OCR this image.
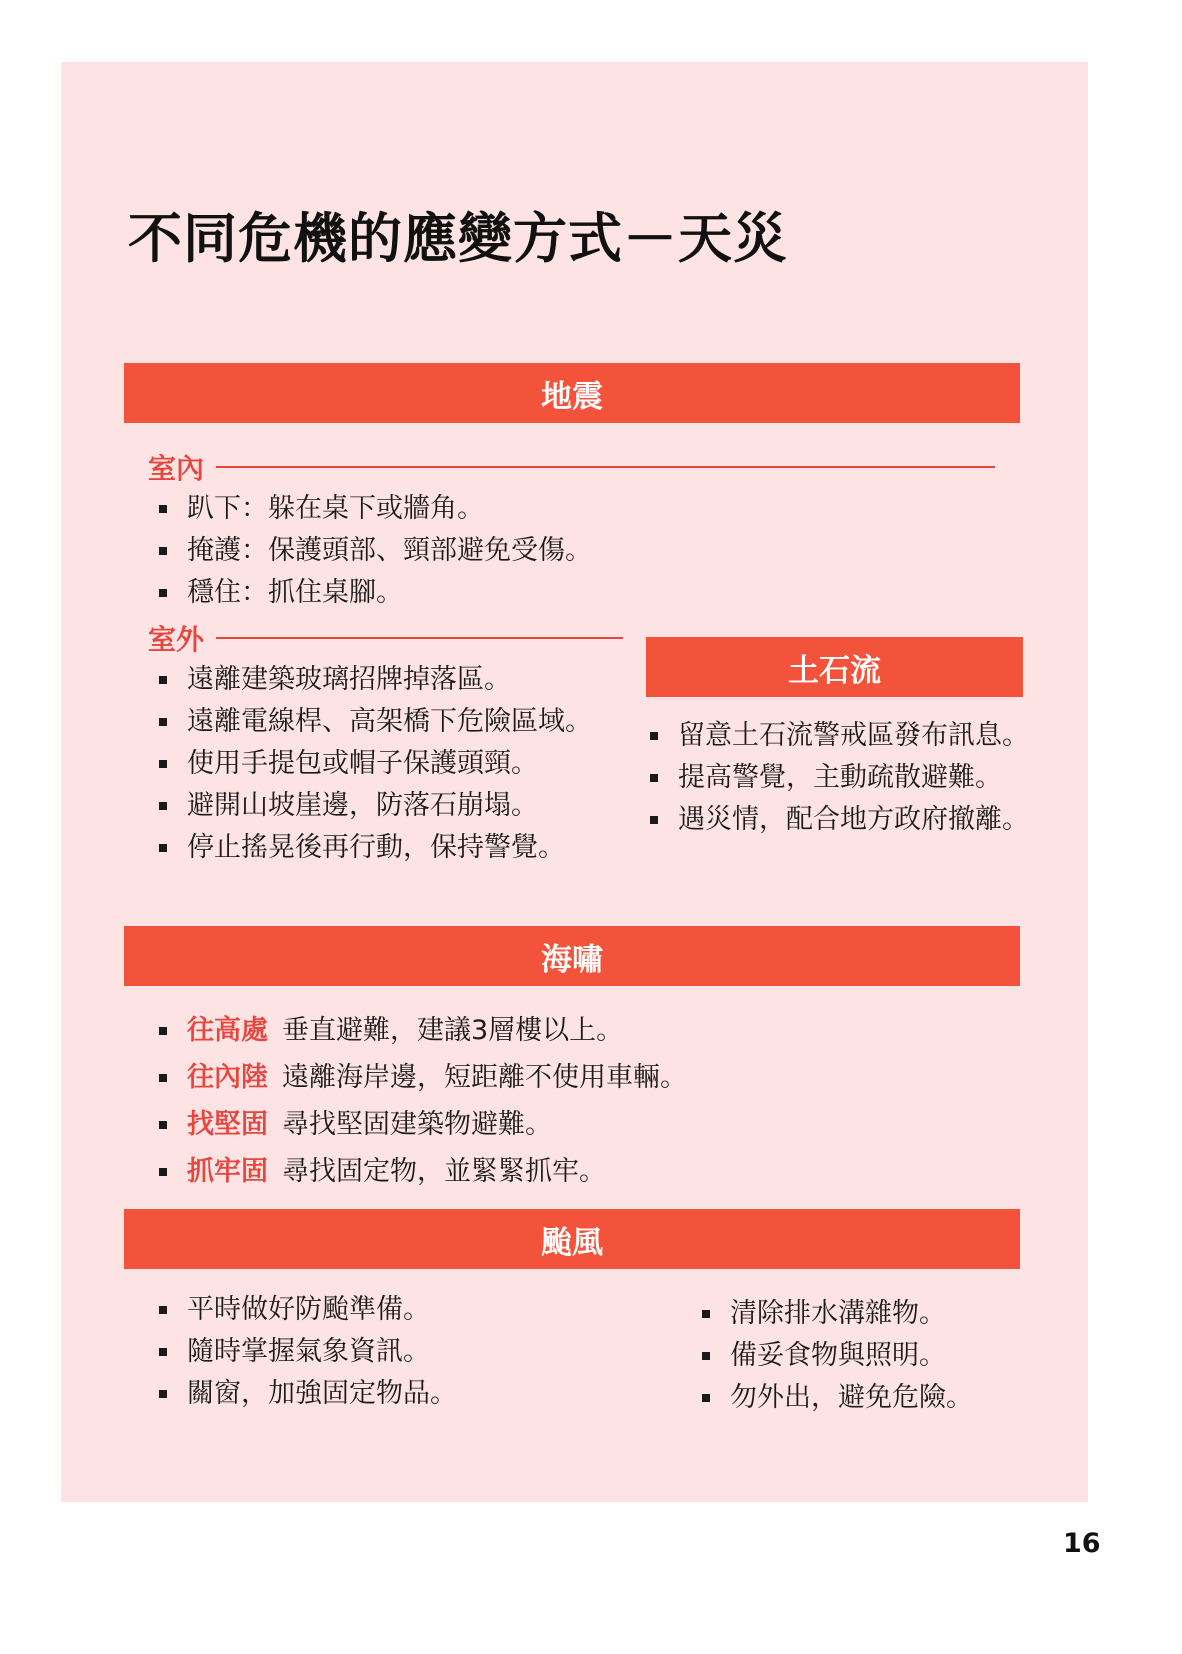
不同危機的應變方式－天災
地震
室內
趴下：躲在桌下或牆角。
掩護：保護頭部、頸部避免受傷。
穩住：抓住桌腳。
室外
遠離建築玻璃招牌掉落區。
遠離電線桿、高架橋下危險區域。
使用手提包或帽子保護頭頸。
避開山坡崖邊，防落石崩塌。
停止搖晃後再行動，保持警覺。
土石流
留意土石流警戒區發布訊息。
提高警覺，主動疏散避難。
遇災情，配合地方政府撤離。
海嘯
往高處 垂直避難，建議3層樓以上。
往內陸 遠離海岸邊，短距離不使用車輛。
找堅固 尋找堅固建築物避難。
抓牢固 尋找固定物，並緊緊抓牢。
颱風
平時做好防颱準備。
隨時掌握氣象資訊。
關窗，加強固定物品。
清除排水溝雜物。
備妥食物與照明。
勿外出，避免危險。
16
